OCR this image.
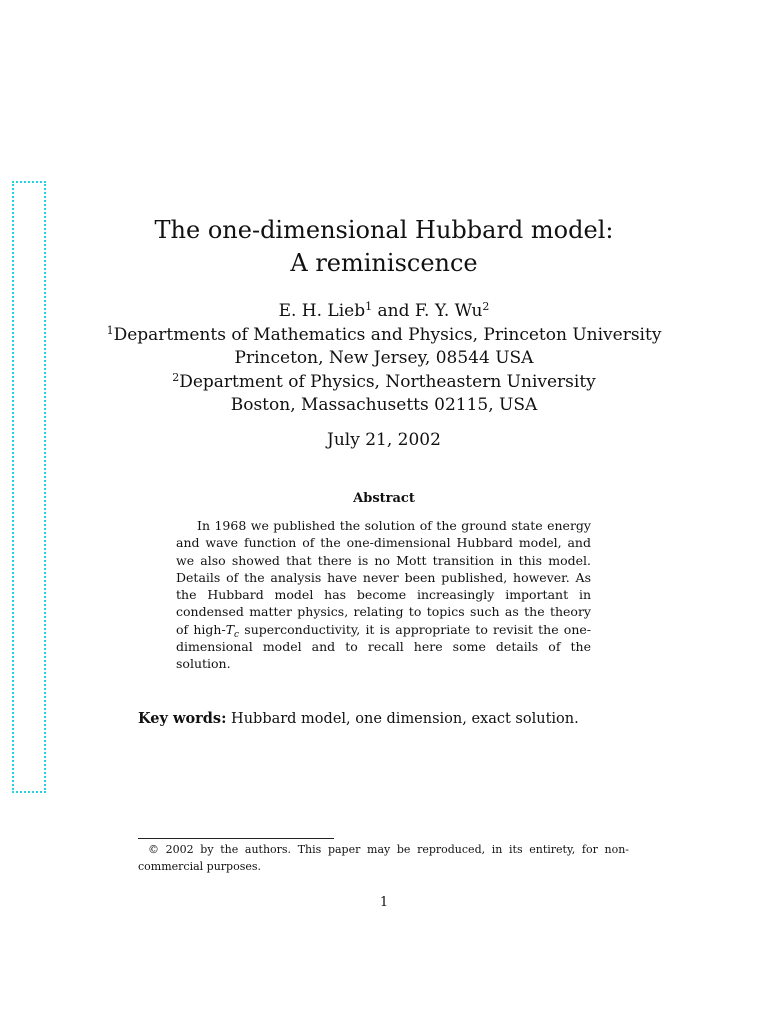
The one-dimensional Hubbard model:
A reminiscence
E. H. Lieb$^1$ and F. Y. Wu$^2$
$^1$Departments of Mathematics and Physics, Princeton University
Princeton, New Jersey, 08544 USA
$^2$Department of Physics, Northeastern University
Boston, Massachusetts 02115, USA
July 21, 2002
Abstract
In 1968 we published the solution of the ground state energy and wave function of the one-dimensional Hubbard model, and we also showed that there is no Mott transition in this model. Details of the analysis have never been published, however. As the Hubbard model has become increasingly important in condensed matter physics, relating to topics such as the theory of high-$T_c$ superconductivity, it is appropriate to revisit the one-dimensional model and to recall here some details of the solution.
Key words: Hubbard model, one dimension, exact solution.
© 2002 by the authors. This paper may be reproduced, in its entirety, for non-commercial purposes.
1
